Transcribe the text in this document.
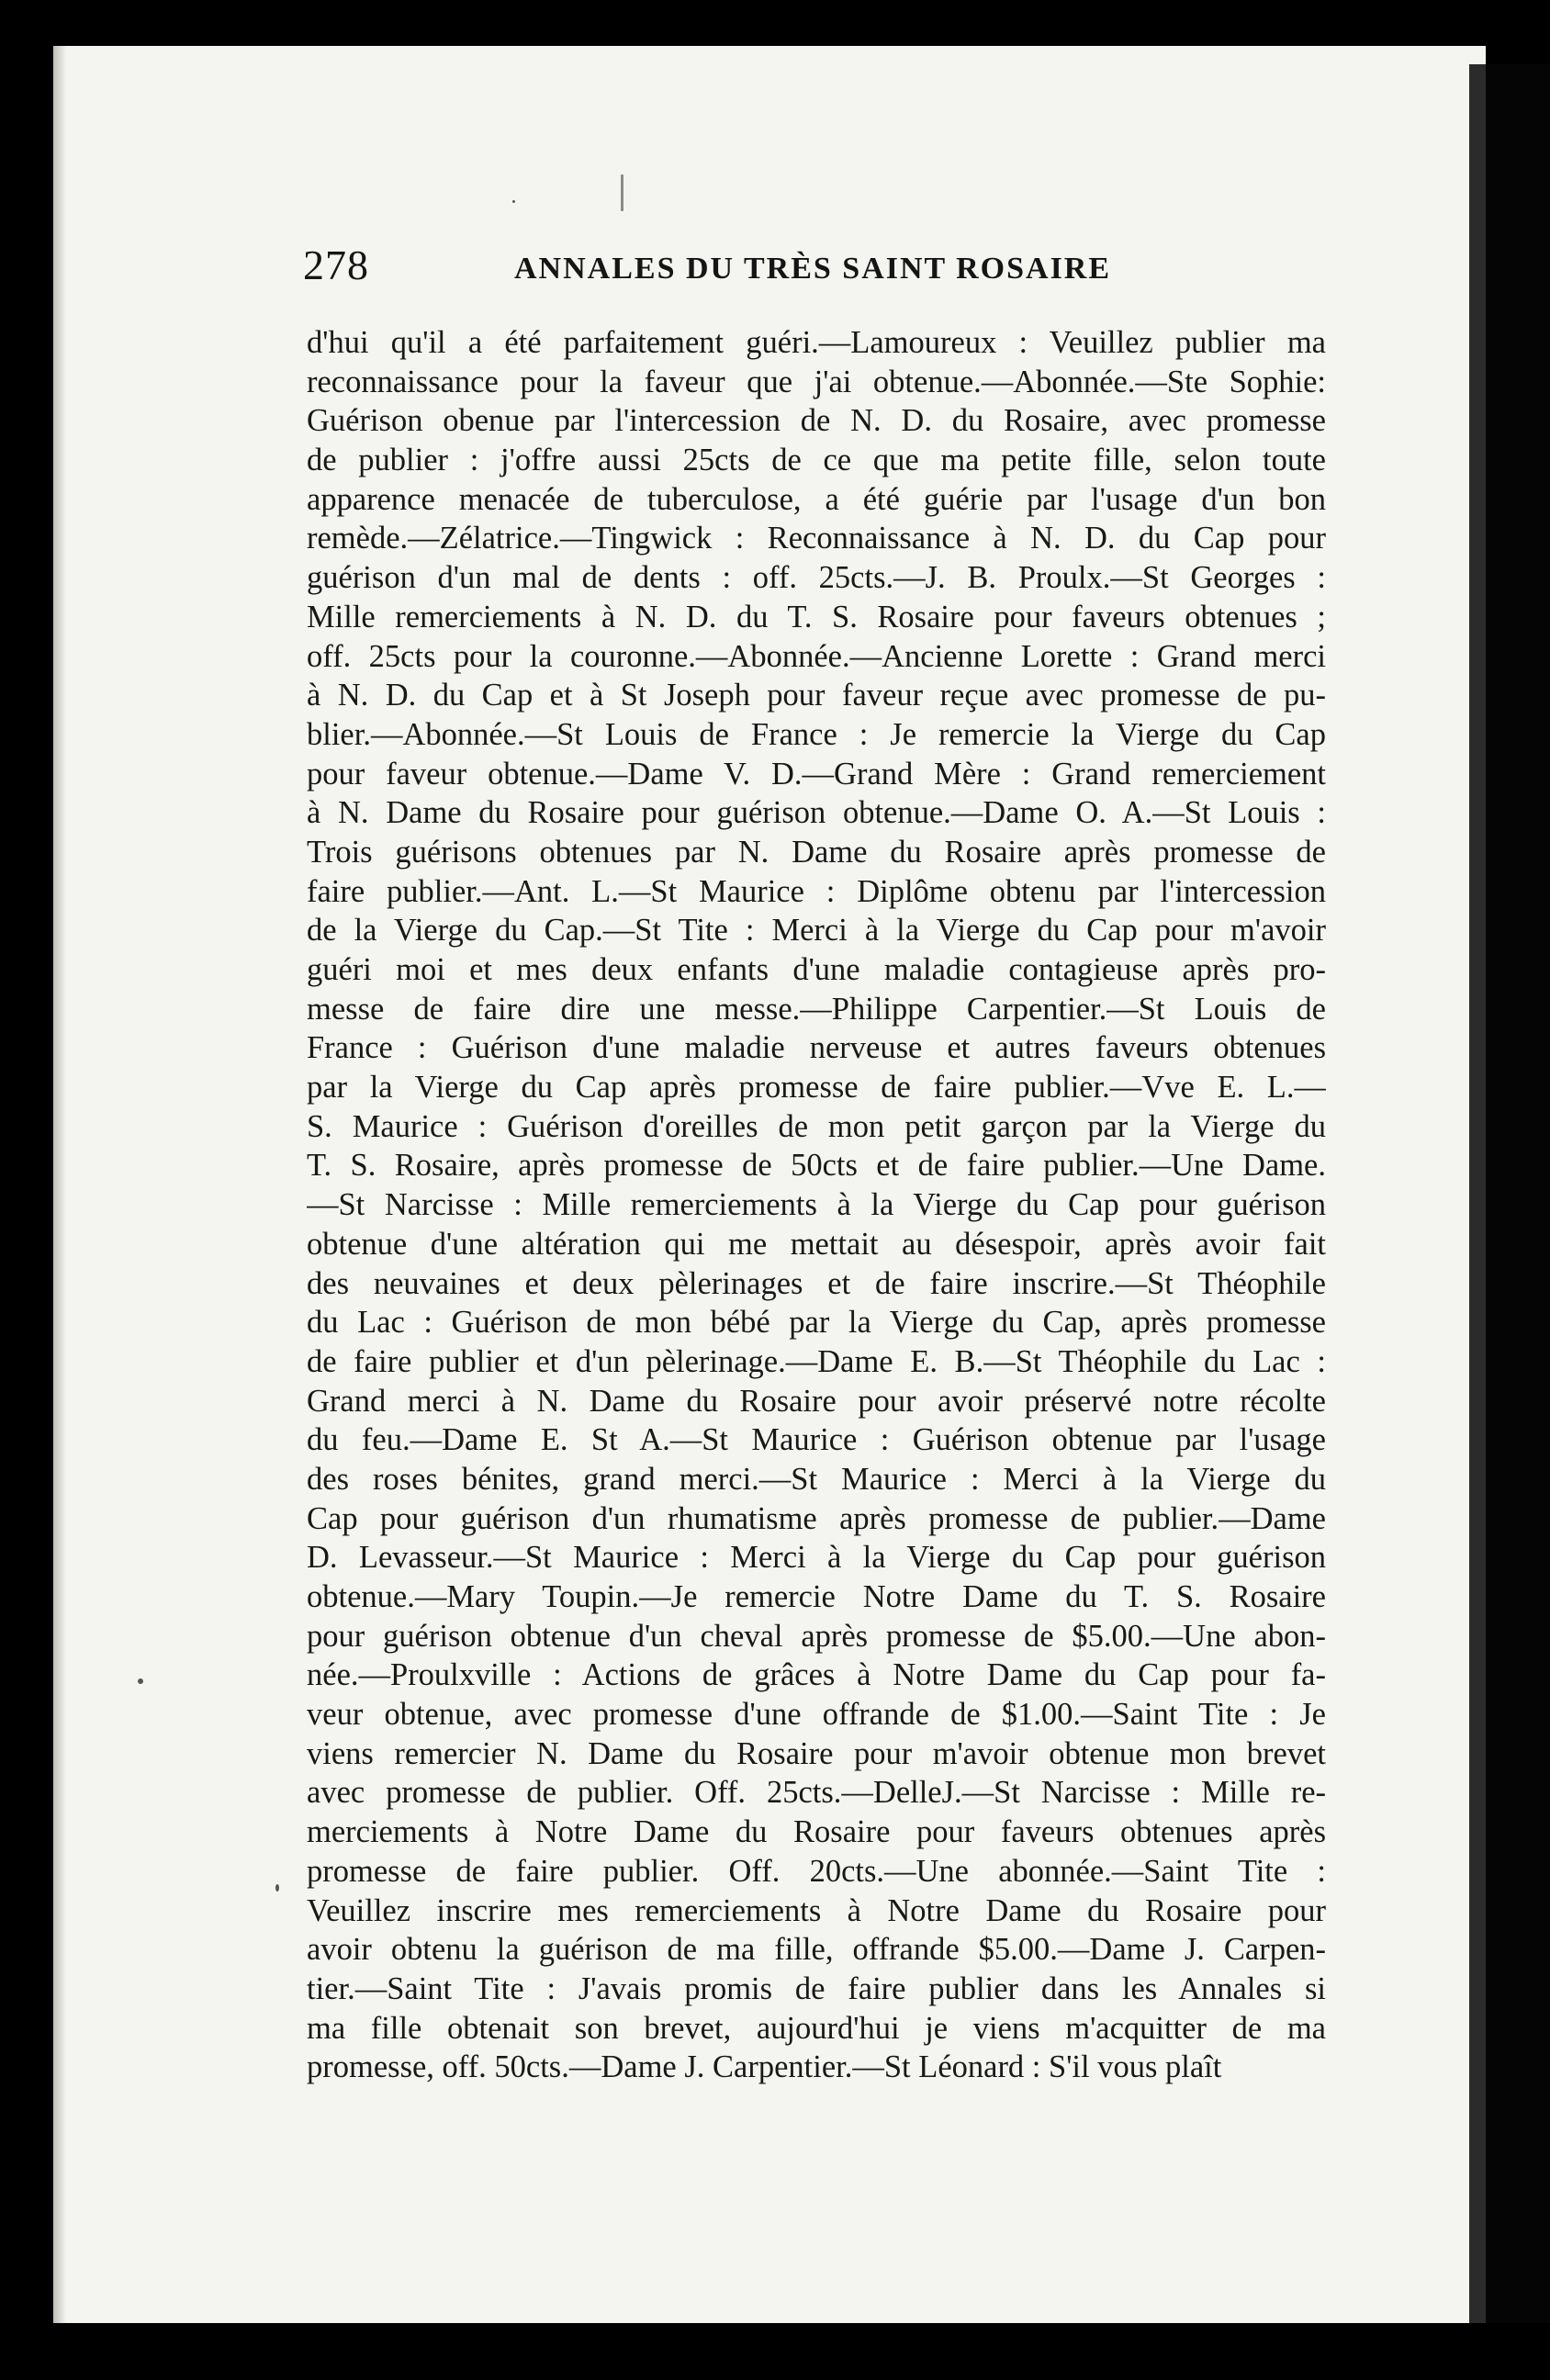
278	ANNALES DU TRÈS SAINT ROSAIRE
d'hui qu'il a été parfaitement guéri.—Lamoureux : Veuillez publier ma
reconnaissance pour la faveur que j'ai obtenue.—Abonnée.—Ste Sophie:
Guérison obenue par l'intercession de N. D. du Rosaire, avec promesse
de publier : j'offre aussi 25cts de ce que ma petite fille, selon toute
apparence menacée de tuberculose, a été guérie par l'usage d'un bon
remède.—Zélatrice.—Tingwick : Reconnaissance à N. D. du Cap pour
guérison d'un mal de dents : off. 25cts.—J. B. Proulx.—St Georges :
Mille remerciements à N. D. du T. S. Rosaire pour faveurs obtenues ;
off. 25cts pour la couronne.—Abonnée.—Ancienne Lorette : Grand merci
à N. D. du Cap et à St Joseph pour faveur reçue avec promesse de pu-
blier.—Abonnée.—St Louis de France : Je remercie la Vierge du Cap
pour faveur obtenue.—Dame V. D.—Grand Mère : Grand remerciement
à N. Dame du Rosaire pour guérison obtenue.—Dame O. A.—St Louis :
Trois guérisons obtenues par N. Dame du Rosaire après promesse de
faire publier.—Ant. L.—St Maurice : Diplôme obtenu par l'intercession
de la Vierge du Cap.—St Tite : Merci à la Vierge du Cap pour m'avoir
guéri moi et mes deux enfants d'une maladie contagieuse après pro-
messe de faire dire une messe.—Philippe Carpentier.—St Louis de
France : Guérison d'une maladie nerveuse et autres faveurs obtenues
par la Vierge du Cap après promesse de faire publier.—Vve E. L.—
S. Maurice : Guérison d'oreilles de mon petit garçon par la Vierge du
T. S. Rosaire, après promesse de 50cts et de faire publier.—Une Dame.
—St Narcisse : Mille remerciements à la Vierge du Cap pour guérison
obtenue d'une altération qui me mettait au désespoir, après avoir fait
des neuvaines et deux pèlerinages et de faire inscrire.—St Théophile
du Lac : Guérison de mon bébé par la Vierge du Cap, après promesse
de faire publier et d'un pèlerinage.—Dame E. B.—St Théophile du Lac :
Grand merci à N. Dame du Rosaire pour avoir préservé notre récolte
du feu.—Dame E. St A.—St Maurice : Guérison obtenue par l'usage
des roses bénites, grand merci.—St Maurice : Merci à la Vierge du
Cap pour guérison d'un rhumatisme après promesse de publier.—Dame
D. Levasseur.—St Maurice : Merci à la Vierge du Cap pour guérison
obtenue.—Mary Toupin.—Je remercie Notre Dame du T. S. Rosaire
pour guérison obtenue d'un cheval après promesse de $5.00.—Une abon-
née.—Proulxville : Actions de grâces à Notre Dame du Cap pour fa-
veur obtenue, avec promesse d'une offrande de $1.00.—Saint Tite : Je
viens remercier N. Dame du Rosaire pour m'avoir obtenue mon brevet
avec promesse de publier. Off. 25cts.—DelleJ.—St Narcisse : Mille re-
merciements à Notre Dame du Rosaire pour faveurs obtenues après
promesse de faire publier. Off. 20cts.—Une abonnée.—Saint Tite :
Veuillez inscrire mes remerciements à Notre Dame du Rosaire pour
avoir obtenu la guérison de ma fille, offrande $5.00.—Dame J. Carpen-
tier.—Saint Tite : J'avais promis de faire publier dans les Annales si
ma fille obtenait son brevet, aujourd'hui je viens m'acquitter de ma
promesse, off. 50cts.—Dame J. Carpentier.—St Léonard : S'il vous plaît
